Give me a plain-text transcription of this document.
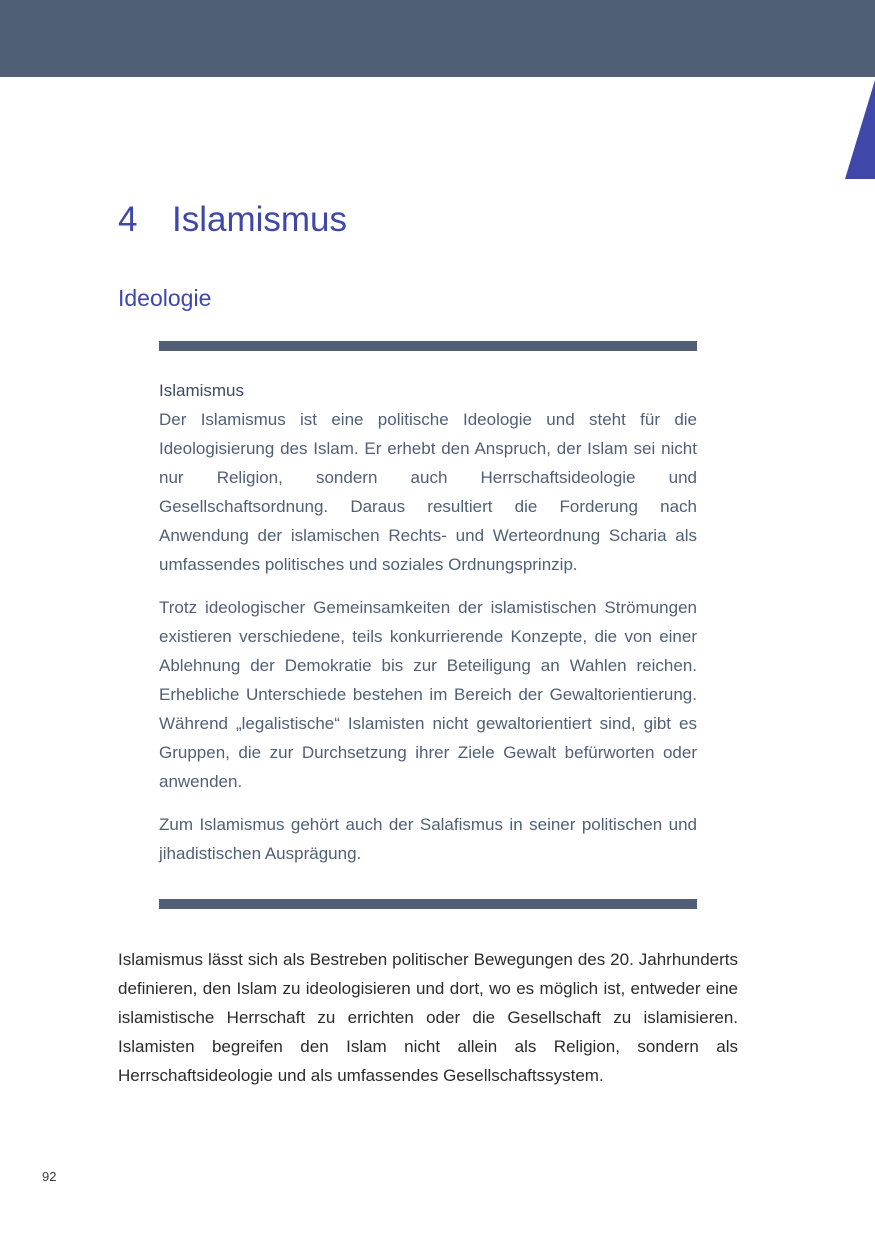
4 Islamismus
Ideologie
Islamismus

Der Islamismus ist eine politische Ideologie und steht für die Ideologisierung des Islam. Er erhebt den Anspruch, der Islam sei nicht nur Religion, sondern auch Herrschaftsideologie und Gesellschaftsordnung. Daraus resultiert die Forderung nach Anwendung der islamischen Rechts- und Werteordnung Scharia als umfassendes politisches und soziales Ordnungsprinzip.

Trotz ideologischer Gemeinsamkeiten der islamistischen Strömungen existieren verschiedene, teils konkurrierende Konzepte, die von einer Ablehnung der Demokratie bis zur Beteiligung an Wahlen reichen. Erhebliche Unterschiede bestehen im Bereich der Gewaltorientierung. Während „legalistische“ Islamisten nicht gewaltorientiert sind, gibt es Gruppen, die zur Durchsetzung ihrer Ziele Gewalt befürworten oder anwenden.

Zum Islamismus gehört auch der Salafismus in seiner politischen und jihadistischen Ausprägung.

Islamismus lässt sich als Bestreben politischer Bewegungen des 20. Jahrhunderts definieren, den Islam zu ideologisieren und dort, wo es möglich ist, entweder eine islamistische Herrschaft zu errichten oder die Gesellschaft zu islamisieren. Islamisten begreifen den Islam nicht allein als Religion, sondern als Herrschaftsideologie und als umfassendes Gesellschaftssystem.

92
